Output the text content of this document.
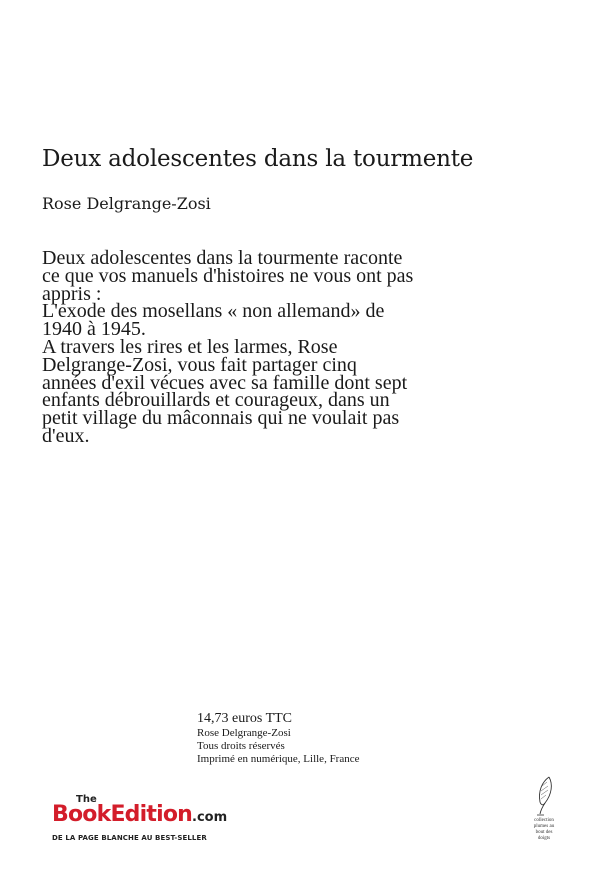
Deux adolescentes dans la tourmente
Rose Delgrange-Zosi

Deux adolescentes dans la tourmente raconte

ce que vos manuels d'histoires ne vous ont pas

appris :

L'exode des mosellans « non allemand» de

1940 à 1945.

A travers les rires et les larmes, Rose

Delgrange-Zosi, vous fait partager cinq

années d'exil vécues avec sa famille dont sept

enfants débrouillards et courageux, dans un

petit village du mâconnais qui ne voulait pas

d'eux.

14,73 euros TTC
Rose Delgrange-Zosi
Tous droits réservés
Imprimé en numérique, Lille, France
The
BookEdition.com
DE LA PAGE BLANCHE AU BEST-SELLER
collection
plumes au
bout des
doigts
